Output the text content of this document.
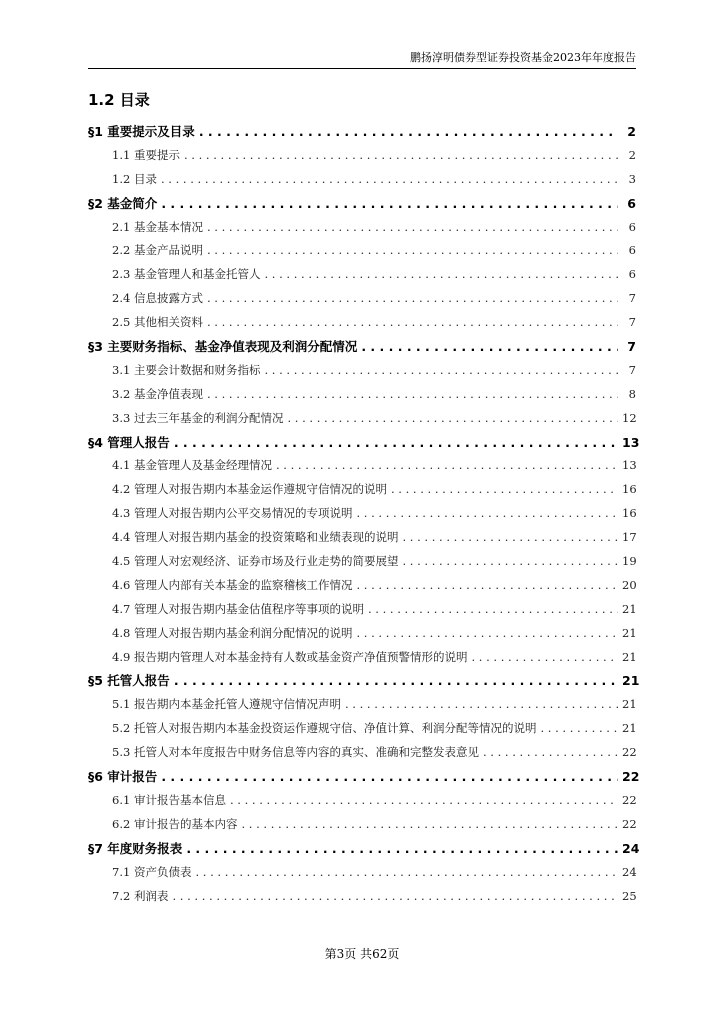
鹏扬淳明债券型证券投资基金2023年年度报告
1.2 目录
§1 重要提示及目录 . . .	2
1.1 重要提示 . . .	2
1.2 目录 . . .	3
§2 基金简介 . . .	6
2.1 基金基本情况 . . .	6
2.2 基金产品说明 . . .	6
2.3 基金管理人和基金托管人 . . .	6
2.4 信息披露方式 . . .	7
2.5 其他相关资料 . . .	7
§3 主要财务指标、基金净值表现及利润分配情况 . . .	7
3.1 主要会计数据和财务指标 . . .	7
3.2 基金净值表现 . . .	8
3.3 过去三年基金的利润分配情况 . . .	12
§4 管理人报告 . . .	13
4.1 基金管理人及基金经理情况 . . .	13
4.2 管理人对报告期内本基金运作遵规守信情况的说明 . . .	16
4.3 管理人对报告期内公平交易情况的专项说明 . . .	16
4.4 管理人对报告期内基金的投资策略和业绩表现的说明 . . .	17
4.5 管理人对宏观经济、证券市场及行业走势的简要展望 . . .	19
4.6 管理人内部有关本基金的监察稽核工作情况 . . .	20
4.7 管理人对报告期内基金估值程序等事项的说明 . . .	21
4.8 管理人对报告期内基金利润分配情况的说明 . . .	21
4.9 报告期内管理人对本基金持有人数或基金资产净值预警情形的说明 . . .	21
§5 托管人报告 . . .	21
5.1 报告期内本基金托管人遵规守信情况声明 . . .	21
5.2 托管人对报告期内本基金投资运作遵规守信、净值计算、利润分配等情况的说明 . . .	21
5.3 托管人对本年度报告中财务信息等内容的真实、准确和完整发表意见 . . .	22
§6 审计报告 . . .	22
6.1 审计报告基本信息 . . .	22
6.2 审计报告的基本内容 . . .	22
§7 年度财务报表 . . .	24
7.1 资产负债表 . . .	24
7.2 利润表 . . .	25
第3页 共62页
